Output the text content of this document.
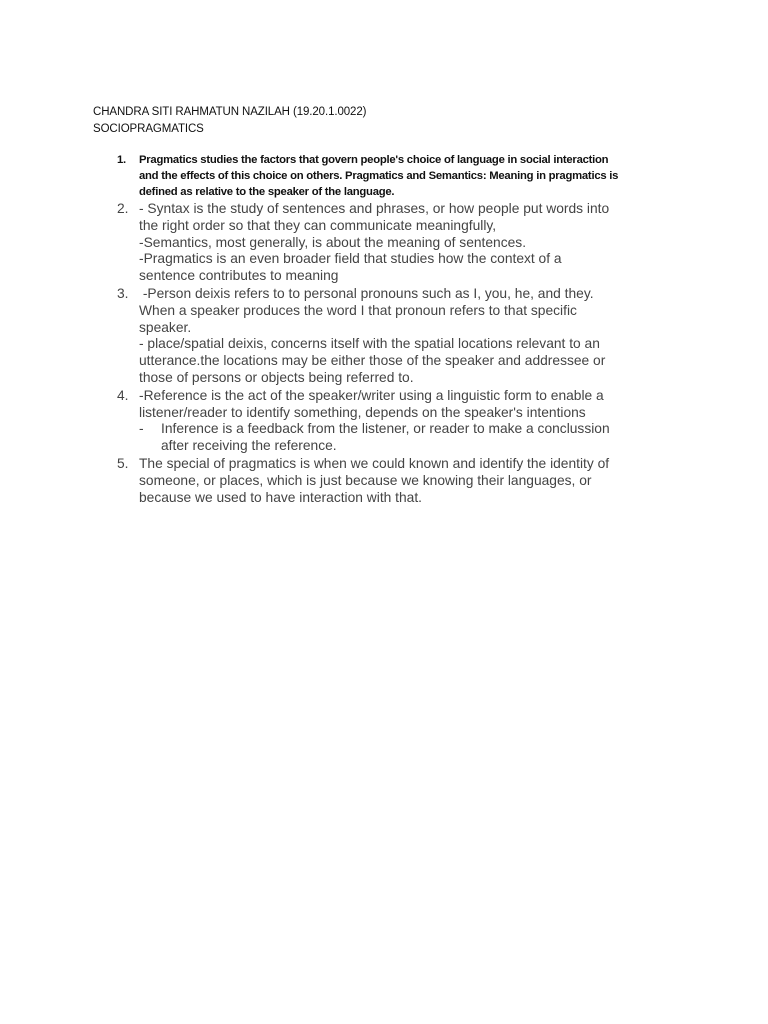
CHANDRA SITI RAHMATUN NAZILAH (19.20.1.0022)
SOCIOPRAGMATICS
1. Pragmatics studies the factors that govern people's choice of language in social interaction
and the effects of this choice on others. Pragmatics and Semantics: Meaning in pragmatics is
defined as relative to the speaker of the language.
2. - Syntax is the study of sentences and phrases, or how people put words into
the right order so that they can communicate meaningfully,
-Semantics, most generally, is about the meaning of sentences.
-Pragmatics is an even broader field that studies how the context of a
sentence contributes to meaning
3. -Person deixis refers to to personal pronouns such as I, you, he, and they.
When a speaker produces the word I that pronoun refers to that specific
speaker.
- place/spatial deixis, concerns itself with the spatial locations relevant to an
utterance.the locations may be either those of the speaker and addressee or
those of persons or objects being referred to.
4. -Reference is the act of the speaker/writer using a linguistic form to enable a
listener/reader to identify something, depends on the speaker's intentions
- Inference is a feedback from the listener, or reader to make a conclussion
after receiving the reference.
5. The special of pragmatics is when we could known and identify the identity of
someone, or places, which is just because we knowing their languages, or
because we used to have interaction with that.
